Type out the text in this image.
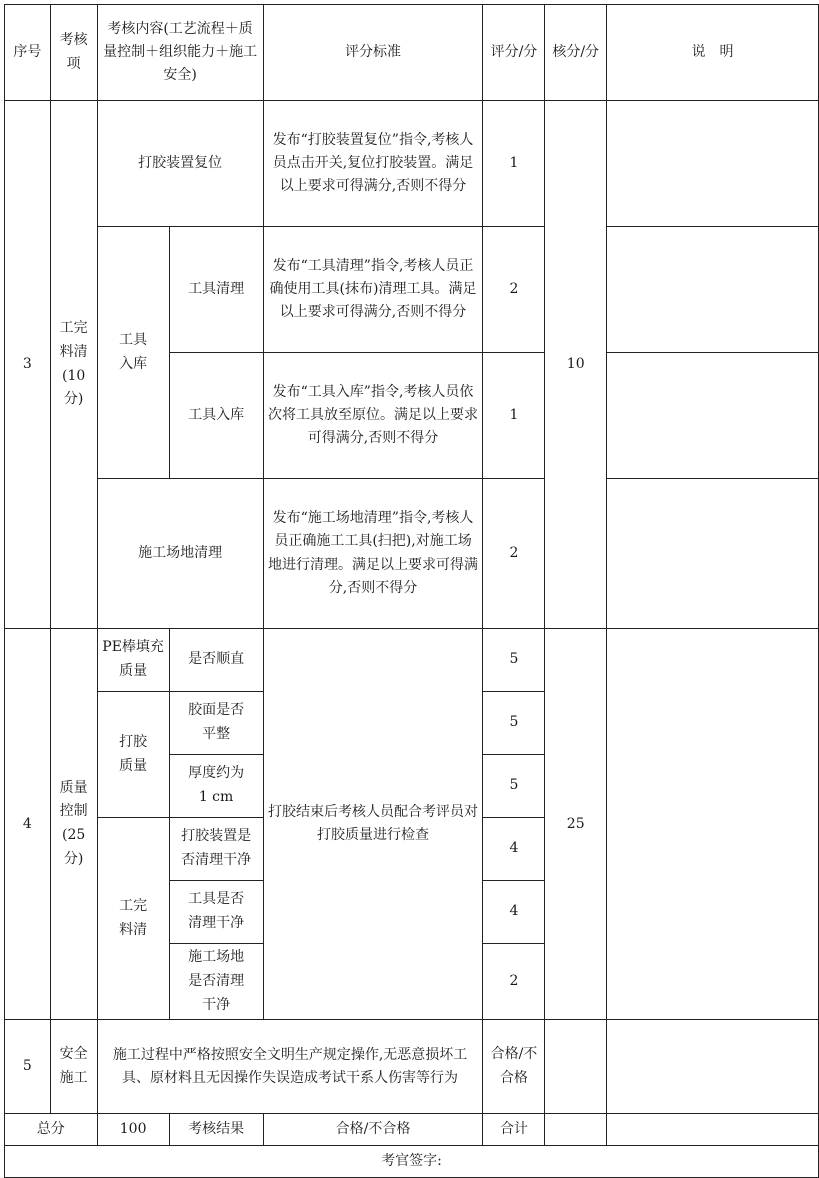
序号	考核项	考核内容(工艺流程＋质量控制＋组织能力＋施工安全)		评分标准	评分/分	核分/分	说　明
3	工完料清(10分)	打胶装置复位		发布“打胶装置复位”指令,考核人员点击开关,复位打胶装置。满足以上要求可得满分,否则不得分	1	10	
		工具入库	工具清理	发布“工具清理”指令,考核人员正确使用工具(抹布)清理工具。满足以上要求可得满分,否则不得分	2		
			工具入库	发布“工具入库”指令,考核人员依次将工具放至原位。满足以上要求可得满分,否则不得分	1		
		施工场地清理		发布“施工场地清理”指令,考核人员正确施工工具(扫把),对施工场地进行清理。满足以上要求可得满分,否则不得分	2		
4	质量控制(25分)	PE棒填充质量	是否顺直	打胶结束后考核人员配合考评员对打胶质量进行检查	5	25	
		打胶质量	胶面是否平整		5		
			厚度约为1 cm		5		
		工完料清	打胶装置是否清理干净		4		
			工具是否清理干净		4		
			施工场地是否清理干净		2		
5	安全施工	施工过程中严格按照安全文明生产规定操作,无恶意损坏工具、原材料且无因操作失误造成考试干系人伤害等行为			合格/不合格		
总分		100	考核结果	合格/不合格	合计		
考官签字:							
